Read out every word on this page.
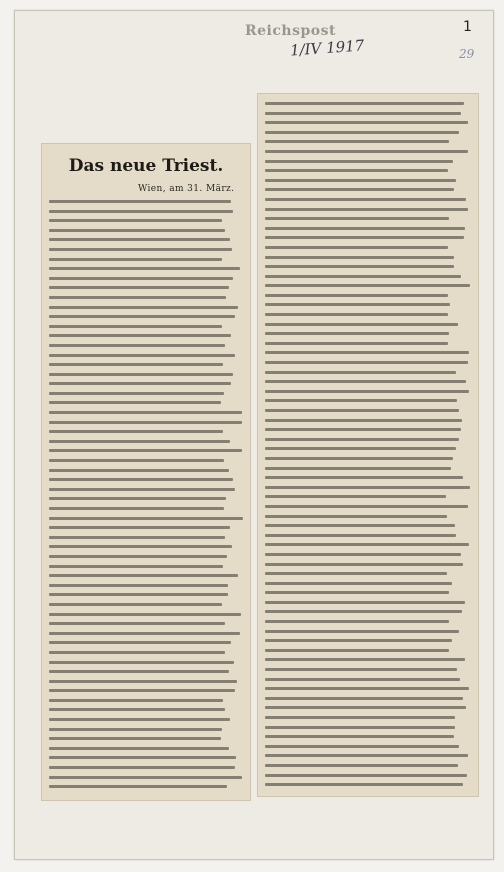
Reichspost
1/IV 1917
1
29
Das neue Triest.
Wien, am 31. März.
